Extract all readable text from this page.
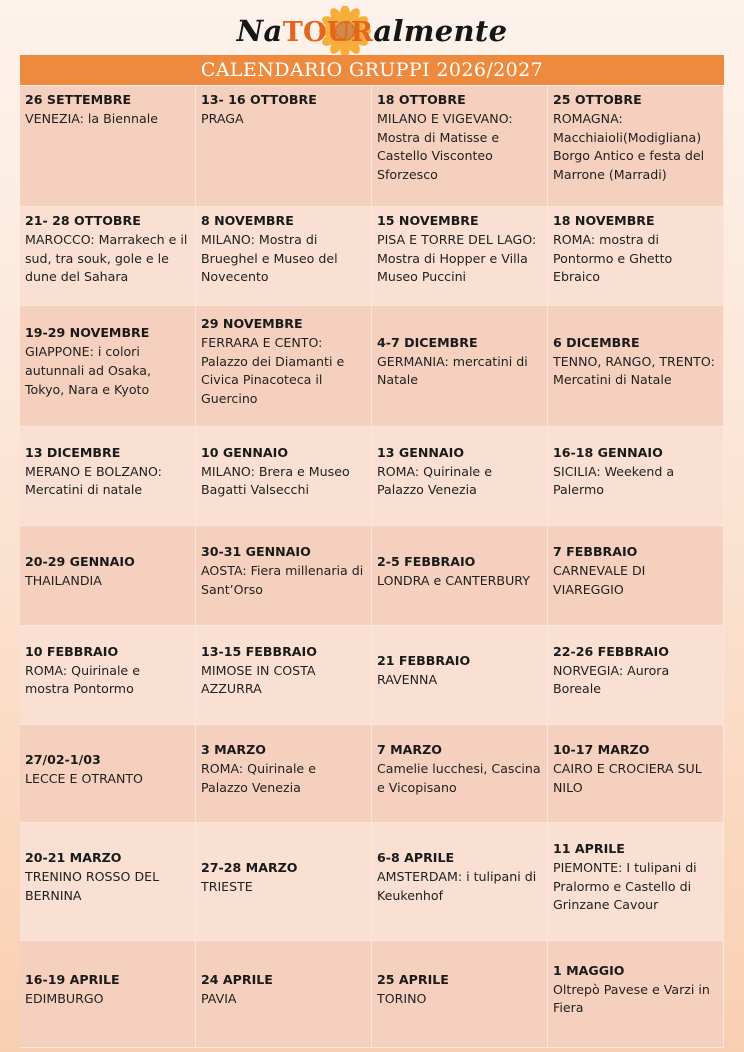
NaTOURalmente
CALENDARIO GRUPPI 2026/2027
26 SETTEMBRE
VENEZIA: la Biennale
13- 16 OTTOBRE
PRAGA
18 OTTOBRE
MILANO E VIGEVANO:
Mostra di Matisse e
Castello Visconteo
Sforzesco
25 OTTOBRE
ROMAGNA:
Macchiaioli(Modigliana)
Borgo Antico e festa del
Marrone (Marradi)
21- 28 OTTOBRE
MAROCCO: Marrakech e il
sud, tra souk, gole e le
dune del Sahara
8 NOVEMBRE
MILANO: Mostra di
Brueghel e Museo del
Novecento
15 NOVEMBRE
PISA E TORRE DEL LAGO:
Mostra di Hopper e Villa
Museo Puccini
18 NOVEMBRE
ROMA: mostra di
Pontormo e Ghetto
Ebraico
19-29 NOVEMBRE
GIAPPONE: i colori
autunnali ad Osaka,
Tokyo, Nara e Kyoto
29 NOVEMBRE
FERRARA E CENTO:
Palazzo dei Diamanti e
Civica Pinacoteca il
Guercino
4-7 DICEMBRE
GERMANIA: mercatini di
Natale
6 DICEMBRE
TENNO, RANGO, TRENTO:
Mercatini di Natale
13 DICEMBRE
MERANO E BOLZANO:
Mercatini di natale
10 GENNAIO
MILANO: Brera e Museo
Bagatti Valsecchi
13 GENNAIO
ROMA: Quirinale e
Palazzo Venezia
16-18 GENNAIO
SICILIA: Weekend a
Palermo
20-29 GENNAIO
THAILANDIA
30-31 GENNAIO
AOSTA: Fiera millenaria di
Sant’Orso
2-5 FEBBRAIO
LONDRA e CANTERBURY
7 FEBBRAIO
CARNEVALE DI
VIAREGGIO
10 FEBBRAIO
ROMA: Quirinale e
mostra Pontormo
13-15 FEBBRAIO
MIMOSE IN COSTA
AZZURRA
21 FEBBRAIO
RAVENNA
22-26 FEBBRAIO
NORVEGIA: Aurora
Boreale
27/02-1/03
LECCE E OTRANTO
3 MARZO
ROMA: Quirinale e
Palazzo Venezia
7 MARZO
Camelie lucchesi, Cascina
e Vicopisano
10-17 MARZO
CAIRO E CROCIERA SUL
NILO
20-21 MARZO
TRENINO ROSSO DEL
BERNINA
27-28 MARZO
TRIESTE
6-8 APRILE
AMSTERDAM: i tulipani di
Keukenhof
11 APRILE
PIEMONTE: I tulipani di
Pralormo e Castello di
Grinzane Cavour
16-19 APRILE
EDIMBURGO
24 APRILE
PAVIA
25 APRILE
TORINO
1 MAGGIO
Oltrepò Pavese e Varzi in
Fiera
